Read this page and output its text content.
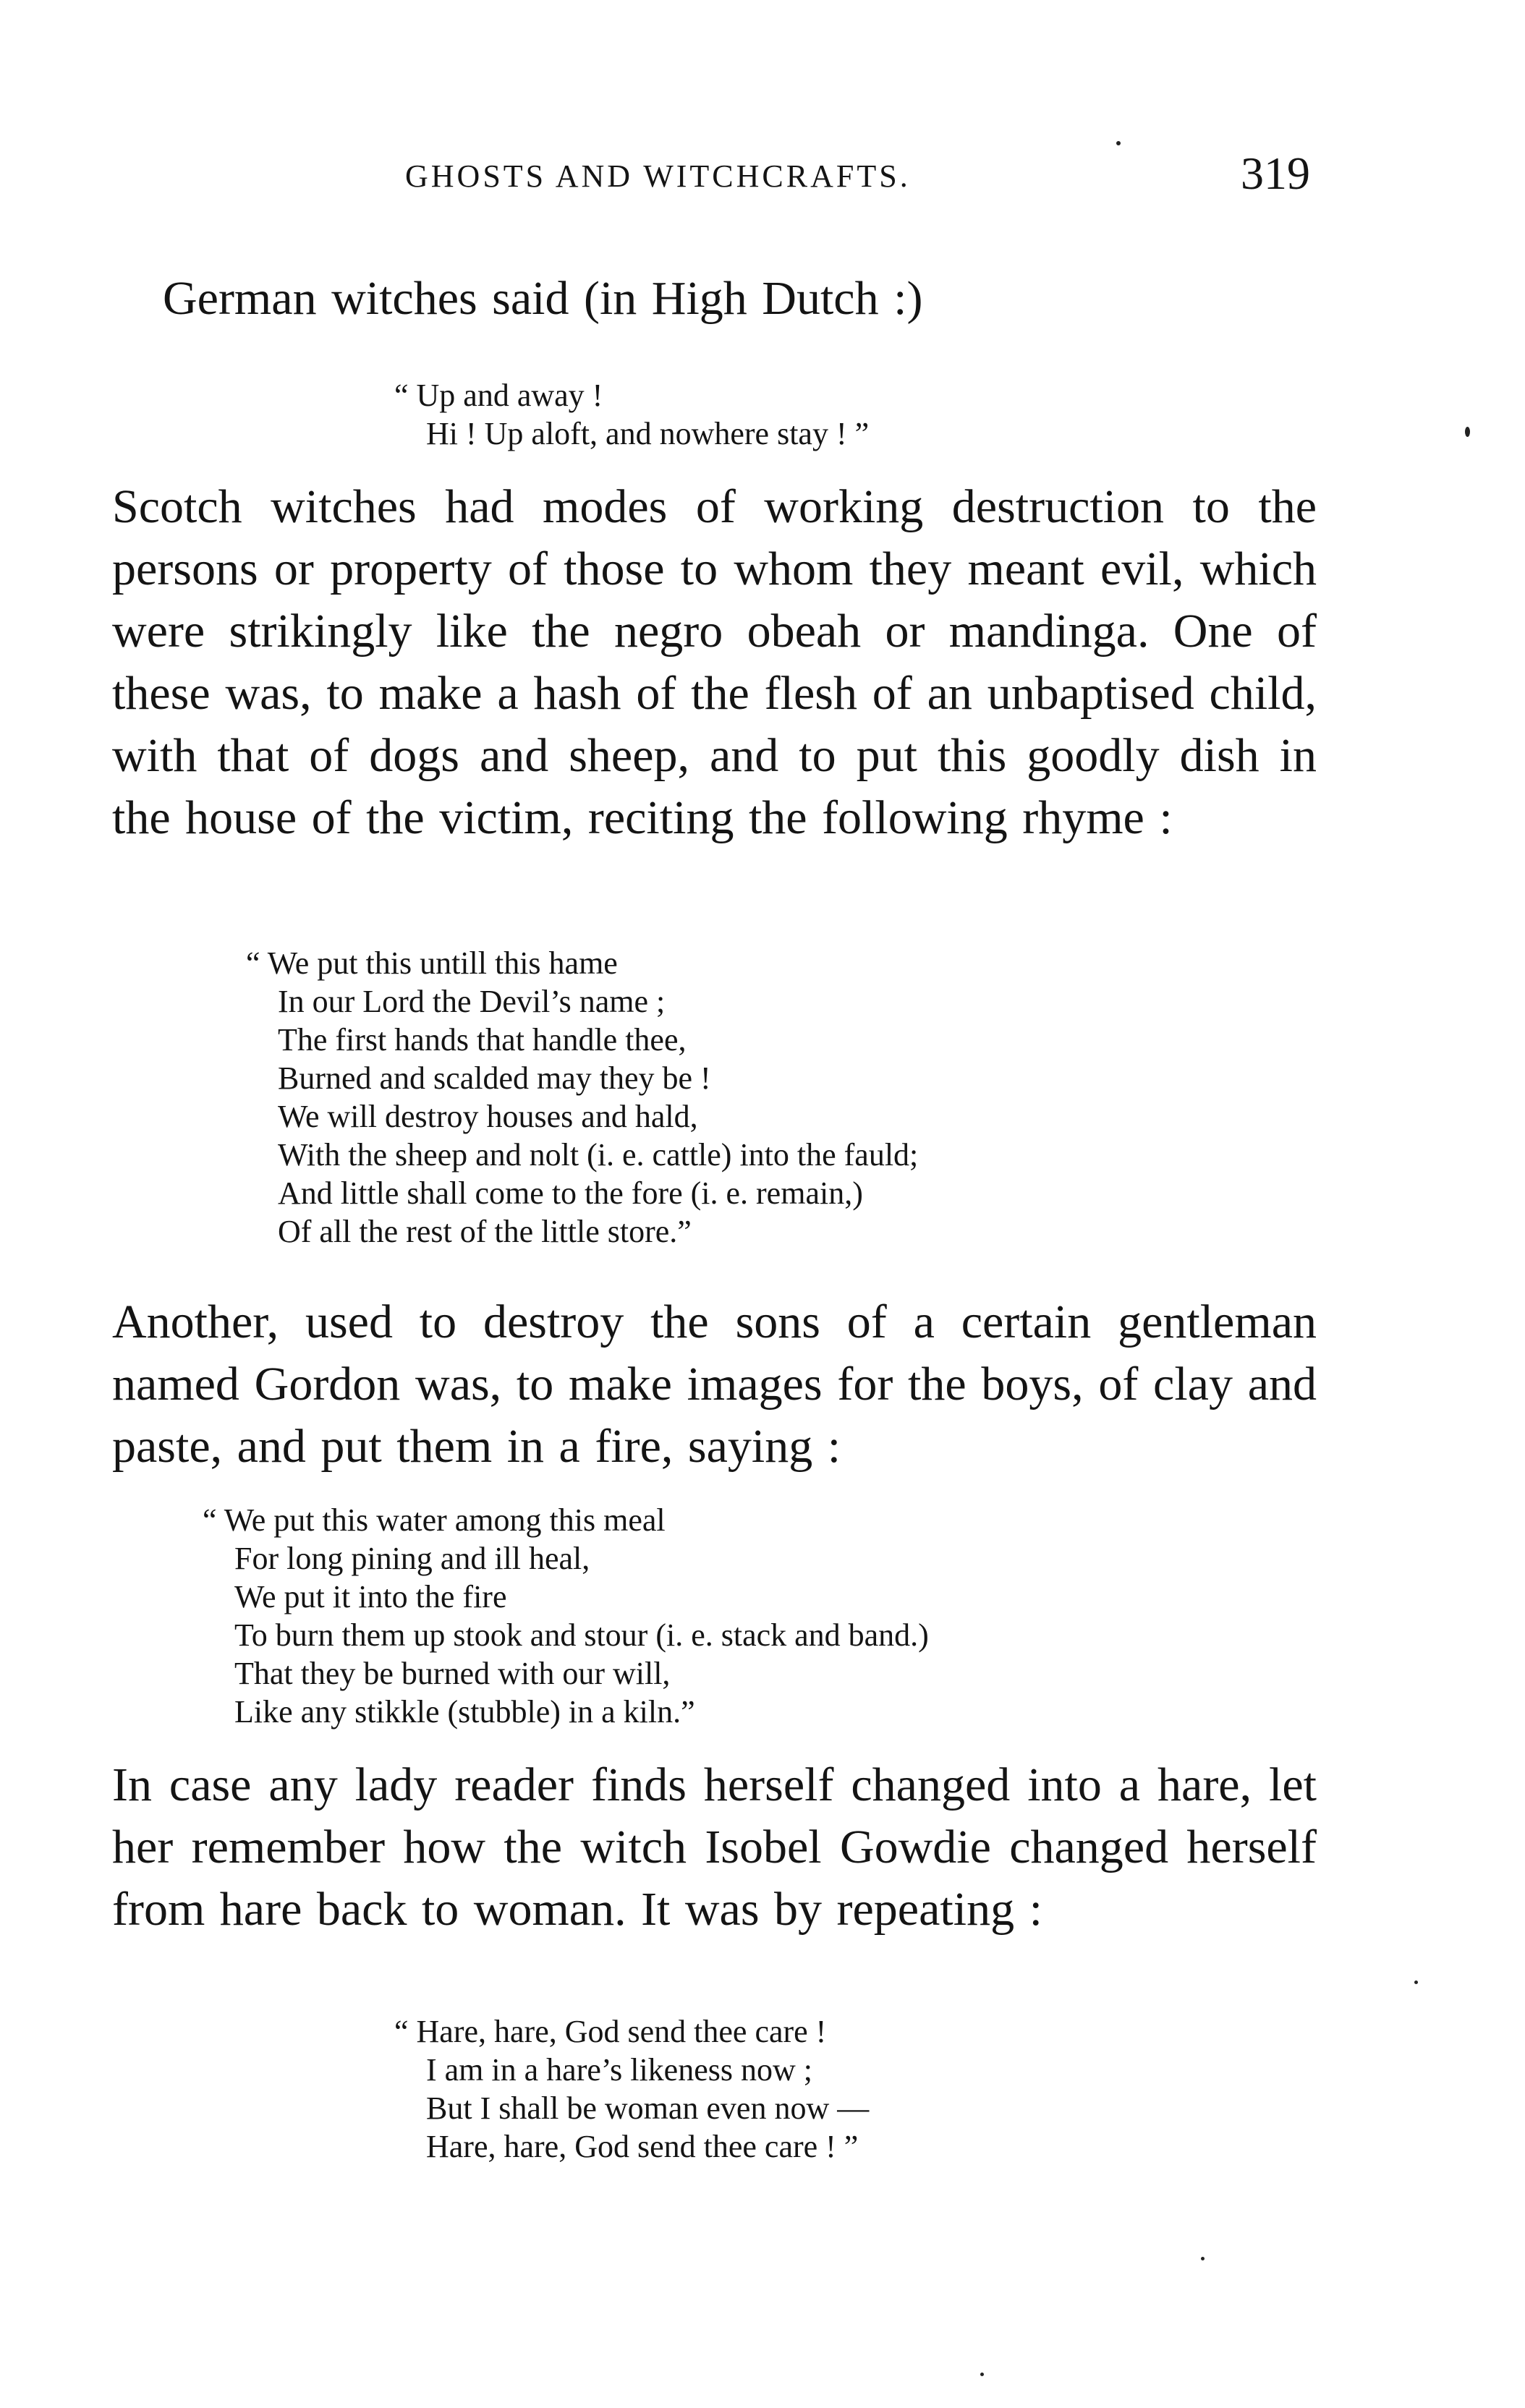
GHOSTS AND WITCHCRAFTS.	319

German witches said (in High Dutch :)

“ Up and away !
Hi ! Up aloft, and nowhere stay ! ”

Scotch witches had modes of working destruction to the persons or property of those to whom they meant evil, which were strikingly like the negro obeah or mandinga. One of these was, to make a hash of the flesh of an unbaptised child, with that of dogs and sheep, and to put this goodly dish in the house of the victim, reciting the following rhyme :

“ We put this untill this hame
In our Lord the Devil’s name ;
The first hands that handle thee,
Burned and scalded may they be !
We will destroy houses and hald,
With the sheep and nolt (i. e. cattle) into the fauld;
And little shall come to the fore (i. e. remain,)
Of all the rest of the little store.”

Another, used to destroy the sons of a certain gentleman named Gordon was, to make images for the boys, of clay and paste, and put them in a fire, saying :

“ We put this water among this meal
For long pining and ill heal,
We put it into the fire
To burn them up stook and stour (i. e. stack and band.)
That they be burned with our will,
Like any stikkle (stubble) in a kiln.”

In case any lady reader finds herself changed into a hare, let her remember how the witch Isobel Gowdie changed herself from hare back to woman. It was by repeating :

“ Hare, hare, God send thee care !
I am in a hare’s likeness now ;
But I shall be woman even now —
Hare, hare, God send thee care ! ”
